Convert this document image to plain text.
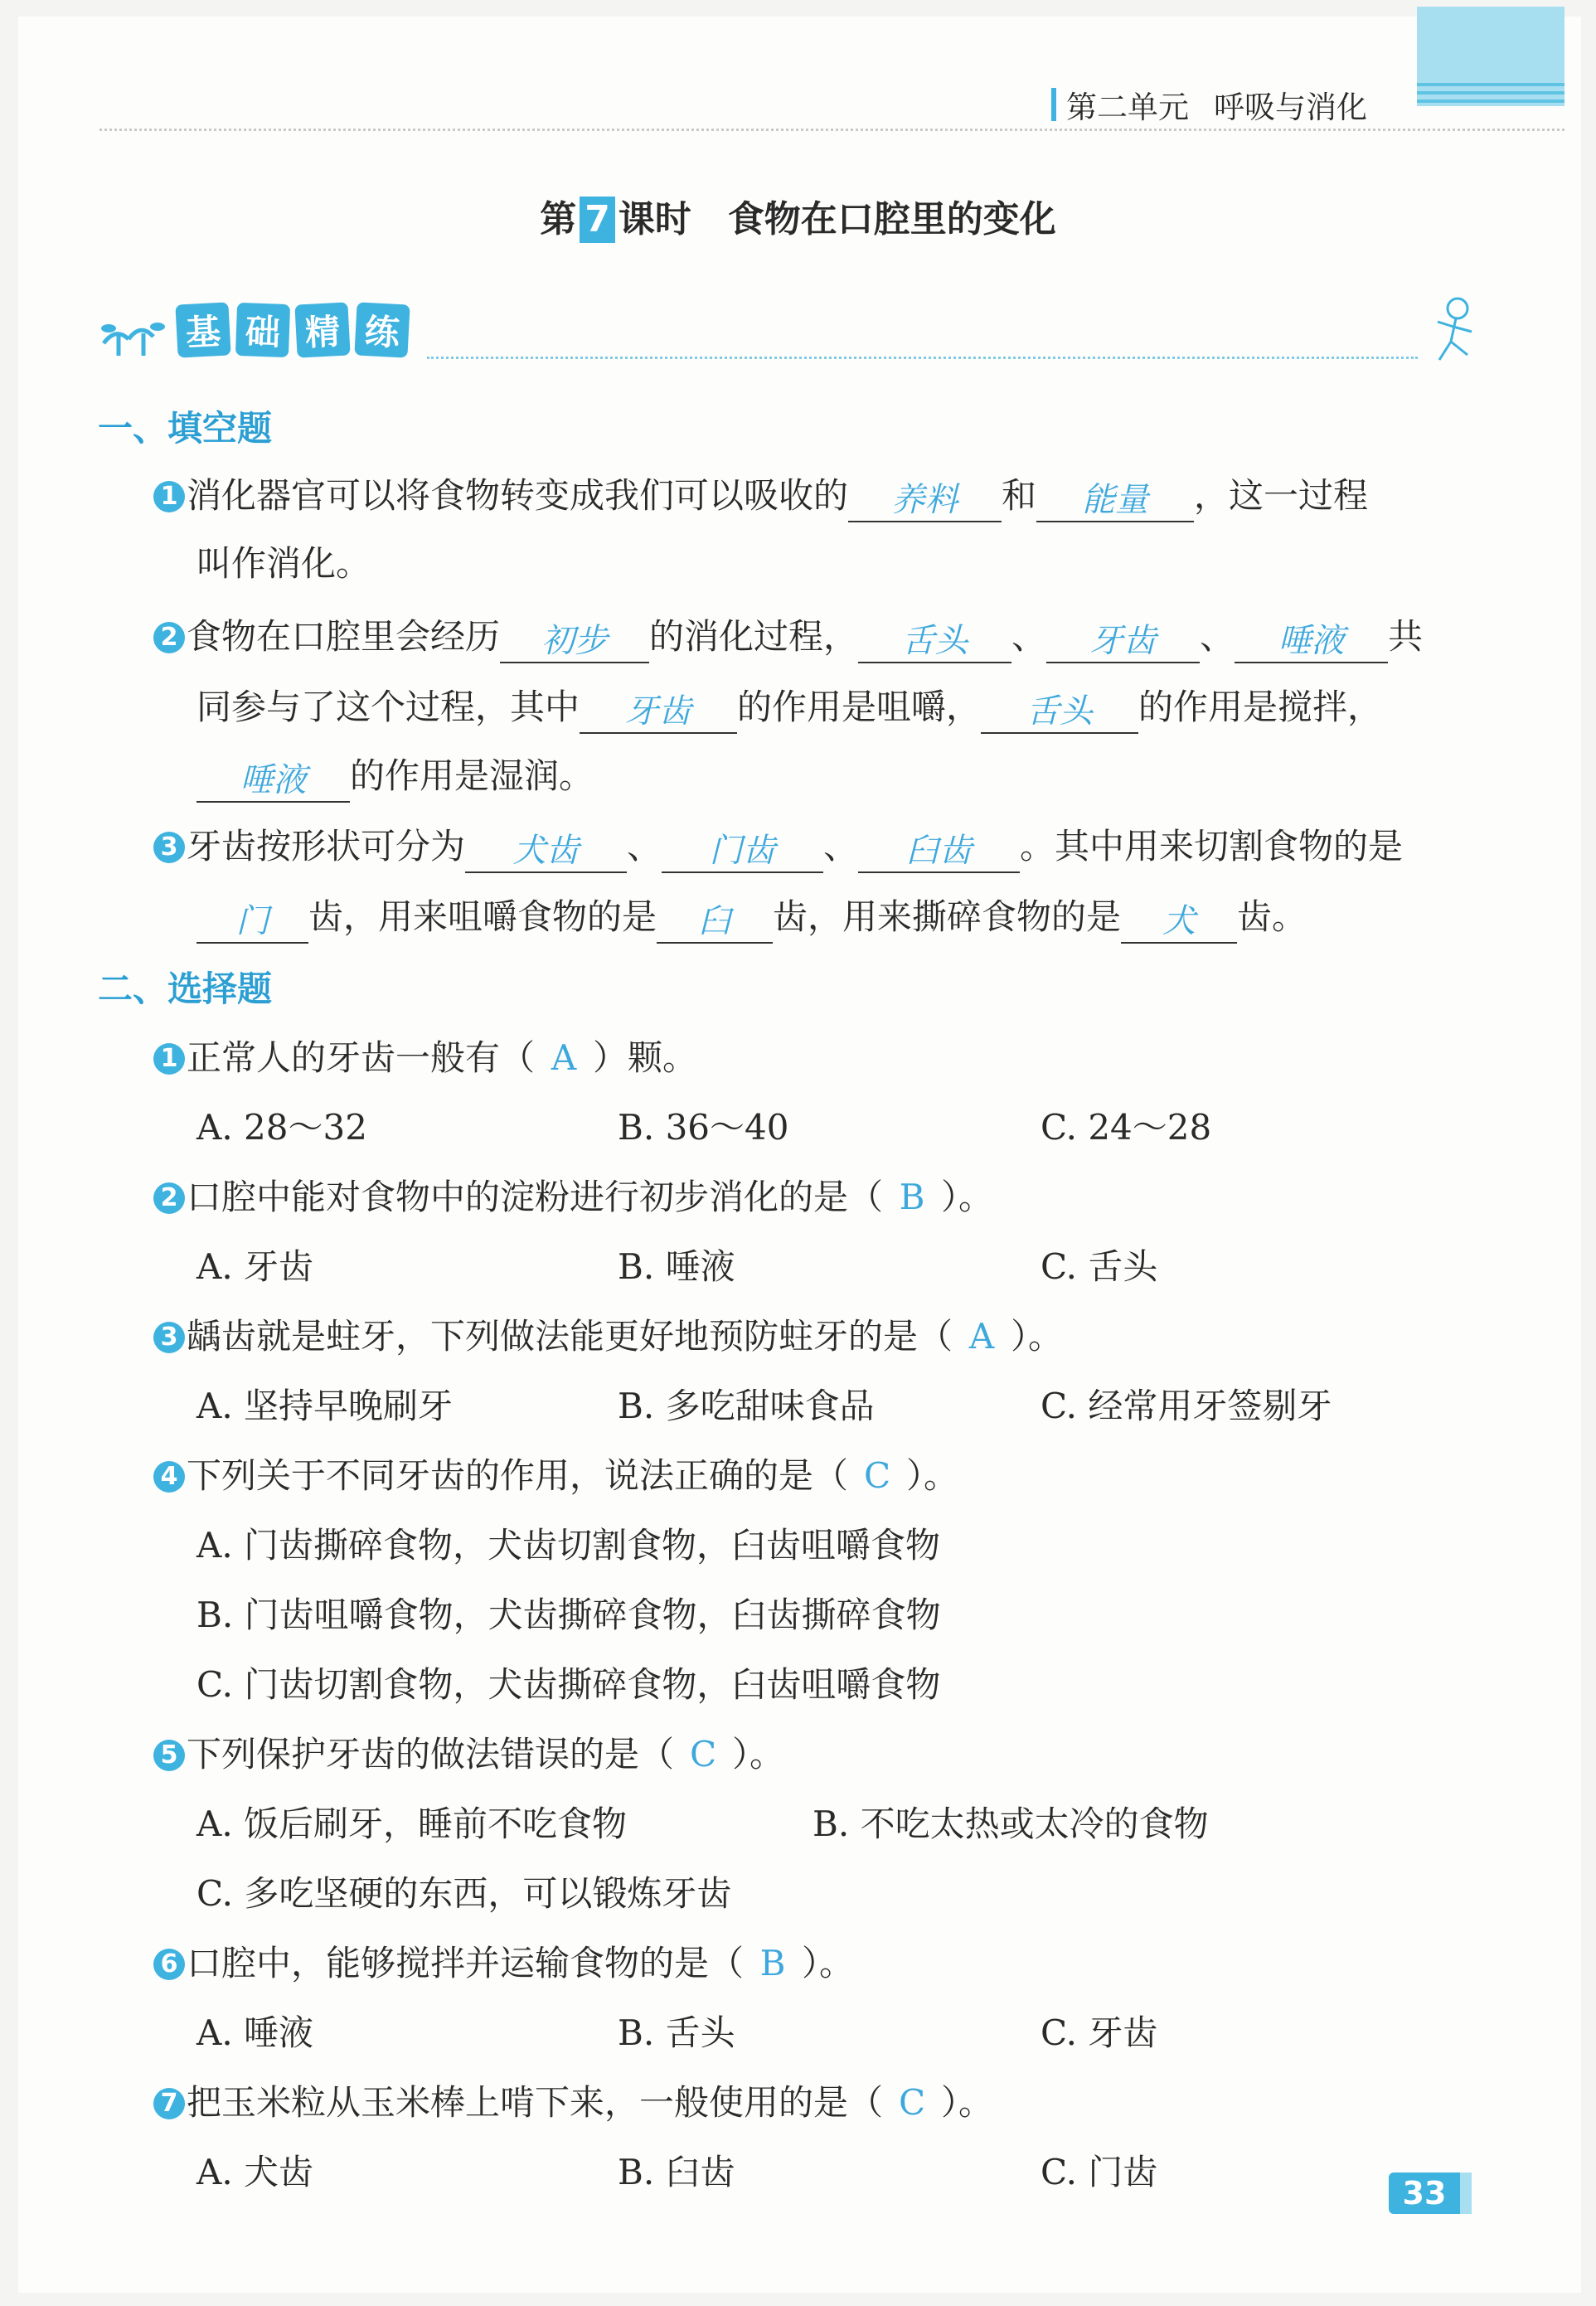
第二单元 呼吸与消化
第 7 课时 食物在口腔里的变化
基 础 精 练
一、填空题
1 消化器官可以将食物转变成我们可以吸收的 养料 和 能量 ，这一过程
叫作消化。
2 食物在口腔里会经历 初步 的消化过程， 舌头 、 牙齿 、 唾液 共
同参与了这个过程，其中 牙齿 的作用是咀嚼， 舌头 的作用是搅拌，
唾液 的作用是湿润。
3 牙齿按形状可分为 犬齿 、 门齿 、 臼齿 。其中用来切割食物的是
门 齿，用来咀嚼食物的是 臼 齿，用来撕碎食物的是 犬 齿。
二、选择题
1 正常人的牙齿一般有（ A ）颗。
A. 28～32	B. 36～40	C. 24～28
2 口腔中能对食物中的淀粉进行初步消化的是（ B ）。
A. 牙齿	B. 唾液	C. 舌头
3 龋齿就是蛀牙，下列做法能更好地预防蛀牙的是（ A ）。
A. 坚持早晚刷牙	B. 多吃甜味食品	C. 经常用牙签剔牙
4 下列关于不同牙齿的作用，说法正确的是（ C ）。
A. 门齿撕碎食物，犬齿切割食物，臼齿咀嚼食物
B. 门齿咀嚼食物，犬齿撕碎食物，臼齿撕碎食物
C. 门齿切割食物，犬齿撕碎食物，臼齿咀嚼食物
5 下列保护牙齿的做法错误的是（ C ）。
A. 饭后刷牙，睡前不吃食物	B. 不吃太热或太冷的食物
C. 多吃坚硬的东西，可以锻炼牙齿
6 口腔中，能够搅拌并运输食物的是（ B ）。
A. 唾液	B. 舌头	C. 牙齿
7 把玉米粒从玉米棒上啃下来，一般使用的是（ C ）。
A. 犬齿	B. 臼齿	C. 门齿
33
